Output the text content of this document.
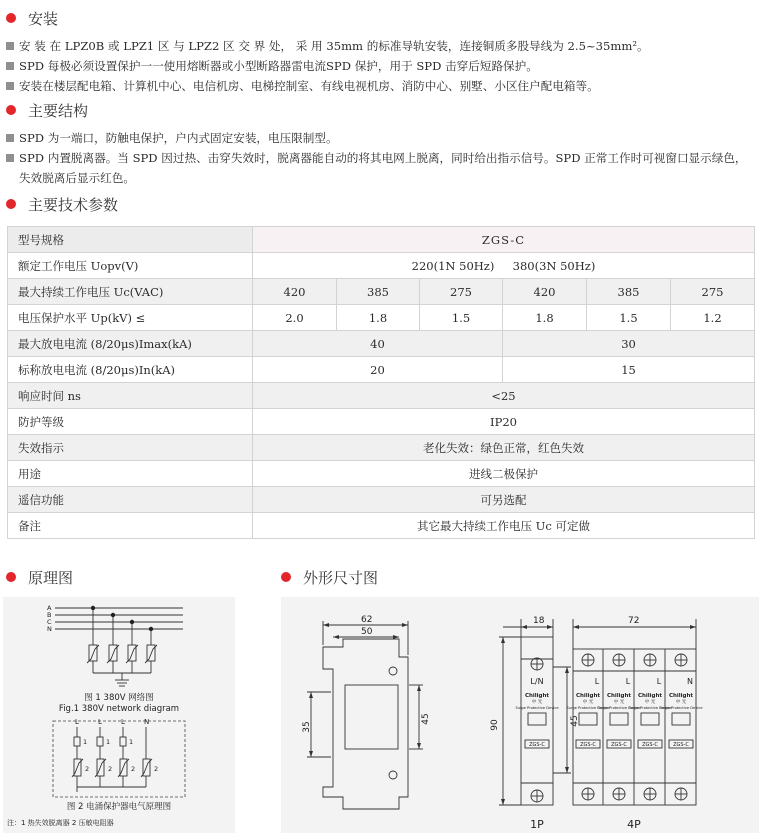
安装
安 装 在 LPZ0B 或 LPZ1 区 与 LPZ2 区 交 界 处， 采 用 35mm 的标准导轨安装，连接铜质多股导线为 2.5~35mm²。
SPD 每极必须设置保护一一使用熔断器或小型断路器雷电流SPD 保护，用于 SPD 击穿后短路保护。
安装在楼层配电箱、计算机中心、电信机房、电梯控制室、有线电视机房、消防中心、别墅、小区住户配电箱等。
主要结构
SPD 为一端口，防触电保护，户内式固定安装，电压限制型。
SPD 内置脱离器。当 SPD 因过热、击穿失效时，脱离器能自动的将其电网上脱离，同时给出指示信号。SPD 正常工作时可视窗口显示绿色，失效脱离后显示红色。
主要技术参数
型号规格	ZGS-C					
额定工作电压 Uopv(V)	220(1N 50Hz) 380(3N 50Hz)					
最大持续工作电压 Uc(VAC)	420	385	275	420	385	275
电压保护水平 Up(kV) ≤	2.0	1.8	1.5	1.8	1.5	1.2
最大放电电流 (8/20μs)Imax(kA)	40			30		
标称放电电流 (8/20μs)In(kA)	20			15		
响应时间 ns	<25					
防护等级	IP20					
失效指示	老化失效：绿色正常，红色失效					
用途	进线二极保护					
遥信功能	可另选配					
备注	其它最大持续工作电压 Uc 可定做					
原理图	外形尺寸图
A
B
C
N
图 1 380V 网络图
Fig.1 380V network diagram
L	L	L	N
1	1	1
2	2	2	2
图 2 电涌保护器电气原理图
注：1 热失效脱离器 2 压敏电阻器
62
50
35
45
18
90	45
L/N
Chilight
中 光
Surge Protective Device
ZGS-C
1P
72
L	L	L	N
Chilight Chilight Chilight Chilight
中 光	中 光	中 光	中 光
Surge Protective Device
Surge Protective Device
Surge Protective Device
Surge Protective Device
ZGS-C	ZGS-C	ZGS-C	ZGS-C
4P
